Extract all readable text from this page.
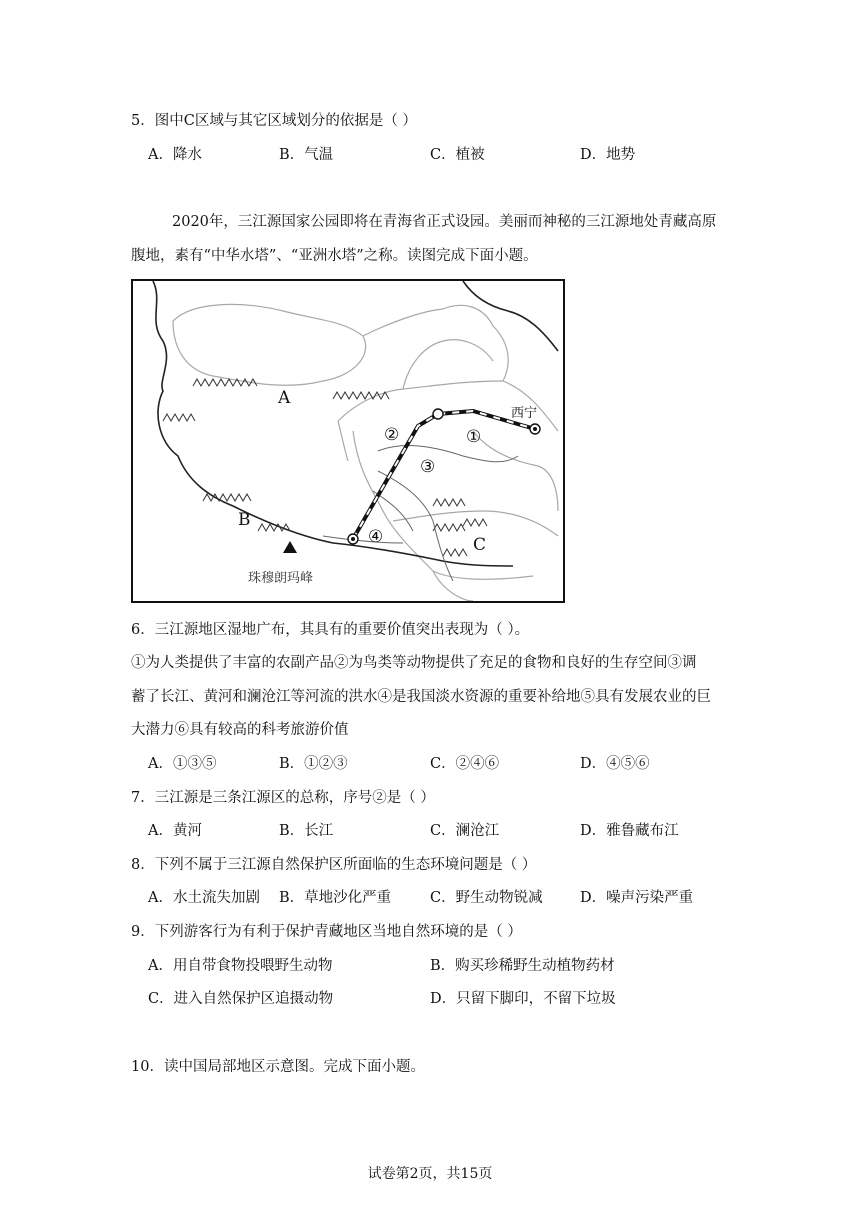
5．图中C区域与其它区域划分的依据是（ ）
A．降水	B．气温	C．植被	D．地势
2020年，三江源国家公园即将在青海省正式设园。美丽而神秘的三江源地处青藏高原
腹地，素有“中华水塔”、“亚洲水塔”之称。读图完成下面小题。
A
B
C
西宁
珠穆朗玛峰
①
②
③
④
6．三江源地区湿地广布，其具有的重要价值突出表现为（ ）。
①为人类提供了丰富的农副产品②为鸟类等动物提供了充足的食物和良好的生存空间③调
蓄了长江、黄河和澜沧江等河流的洪水④是我国淡水资源的重要补给地⑤具有发展农业的巨
大潜力⑥具有较高的科考旅游价值
A．①③⑤	B．①②③	C．②④⑥	D．④⑤⑥
7．三江源是三条江源区的总称，序号②是（ ）
A．黄河	B．长江	C．澜沧江	D．雅鲁藏布江
8．下列不属于三江源自然保护区所面临的生态环境问题是（ ）
A．水土流失加剧 B．草地沙化严重	C．野生动物锐减	D．噪声污染严重
9．下列游客行为有利于保护青藏地区当地自然环境的是（ ）
A．用自带食物投喂野生动物	B．购买珍稀野生动植物药材
C．进入自然保护区追摄动物	D．只留下脚印，不留下垃圾
10．读中国局部地区示意图。完成下面小题。
试卷第2页，共15页
